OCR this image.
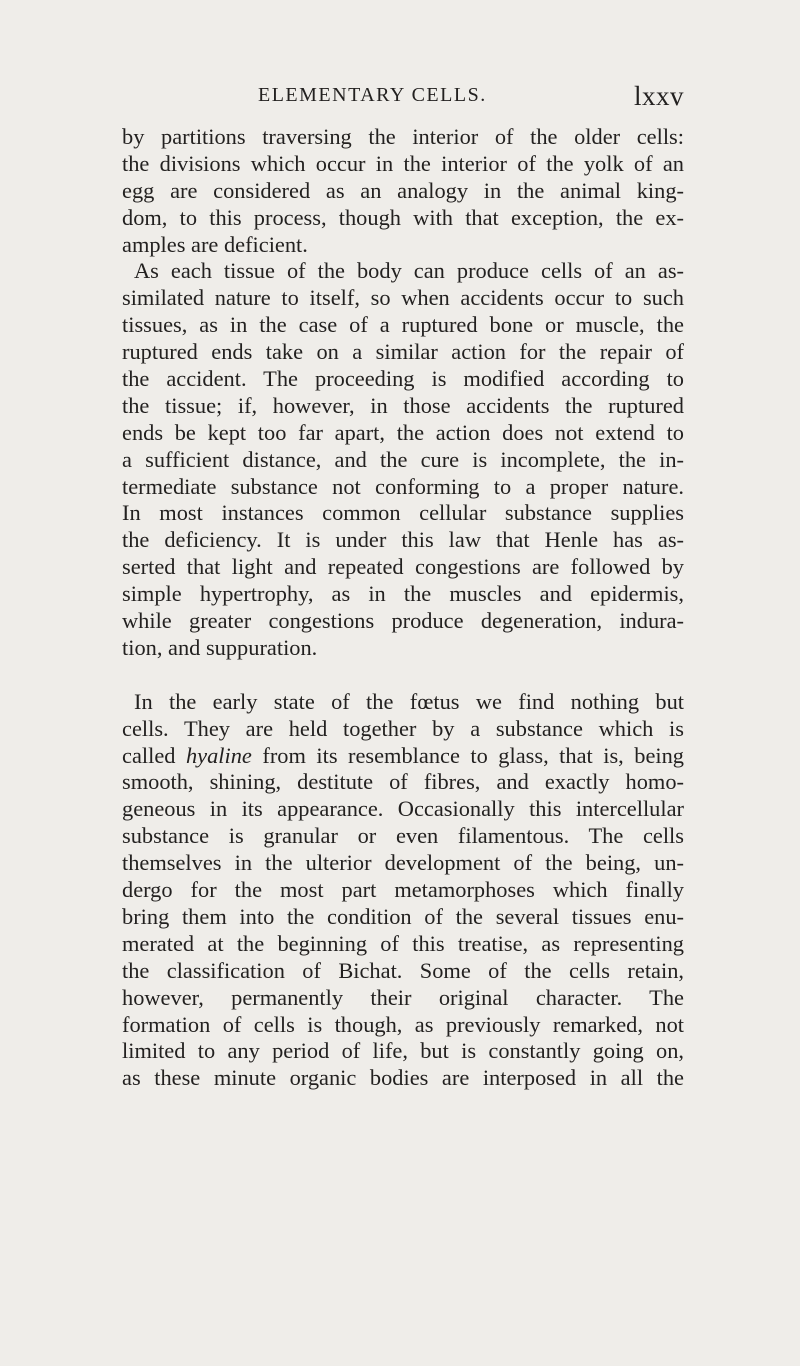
ELEMENTARY CELLS.	lxxv
by partitions traversing the interior of the older cells:
the divisions which occur in the interior of the yolk of an
egg are considered as an analogy in the animal king-
dom, to this process, though with that exception, the ex-
amples are deficient.
As each tissue of the body can produce cells of an as-
similated nature to itself, so when accidents occur to such
tissues, as in the case of a ruptured bone or muscle, the
ruptured ends take on a similar action for the repair of
the accident. The proceeding is modified according to
the tissue; if, however, in those accidents the ruptured
ends be kept too far apart, the action does not extend to
a sufficient distance, and the cure is incomplete, the in-
termediate substance not conforming to a proper nature.
In most instances common cellular substance supplies
the deficiency. It is under this law that Henle has as-
serted that light and repeated congestions are followed by
simple hypertrophy, as in the muscles and epidermis,
while greater congestions produce degeneration, indura-
tion, and suppuration.
In the early state of the fœtus we find nothing but
cells. They are held together by a substance which is
called hyaline from its resemblance to glass, that is, being
smooth, shining, destitute of fibres, and exactly homo-
geneous in its appearance. Occasionally this intercellular
substance is granular or even filamentous. The cells
themselves in the ulterior development of the being, un-
dergo for the most part metamorphoses which finally
bring them into the condition of the several tissues enu-
merated at the beginning of this treatise, as representing
the classification of Bichat. Some of the cells retain,
however, permanently their original character. The
formation of cells is though, as previously remarked, not
limited to any period of life, but is constantly going on,
as these minute organic bodies are interposed in all the
